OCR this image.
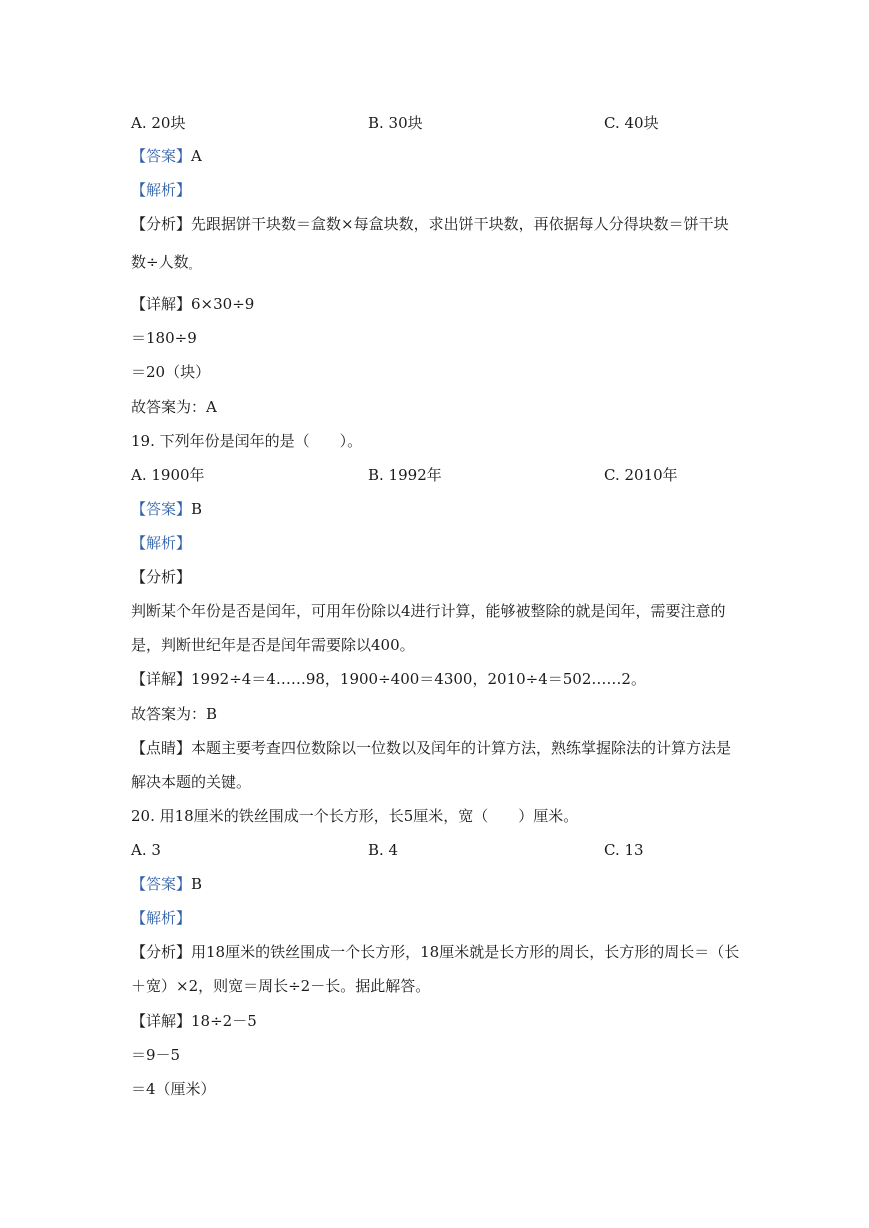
A. 20块	B. 30块	C. 40块
【答案】A
【解析】
【分析】先跟据饼干块数＝盒数×每盒块数，求出饼干块数，再依据每人分得块数＝饼干块
数÷人数$_。$
【详解】6×30÷9
＝180÷9
＝20（块）
故答案为：A
19. 下列年份是闰年的是（　　）。
A. 1900年	B. 1992年	C. 2010年
【答案】B
【解析】
【分析】
判断某个年份是否是闰年，可用年份除以4进行计算，能够被整除的就是闰年，需要注意的
是，判断世纪年是否是闰年需要除以400。
【详解】1992÷4＝4……98，1900÷400＝4300，2010÷4＝502……2。
故答案为：B
【点睛】本题主要考查四位数除以一位数以及闰年的计算方法，熟练掌握除法的计算方法是
解决本题的关键。
20. 用18厘米的铁丝围成一个长方形，长5厘米，宽（　　）厘米。
A. 3	B. 4	C. 13
【答案】B
【解析】
【分析】用18厘米的铁丝围成一个长方形，18厘米就是长方形的周长，长方形的周长＝（长
＋宽）×2，则宽＝周长÷2－长。据此解答。
【详解】18÷2－5
＝9－5
＝4（厘米）
